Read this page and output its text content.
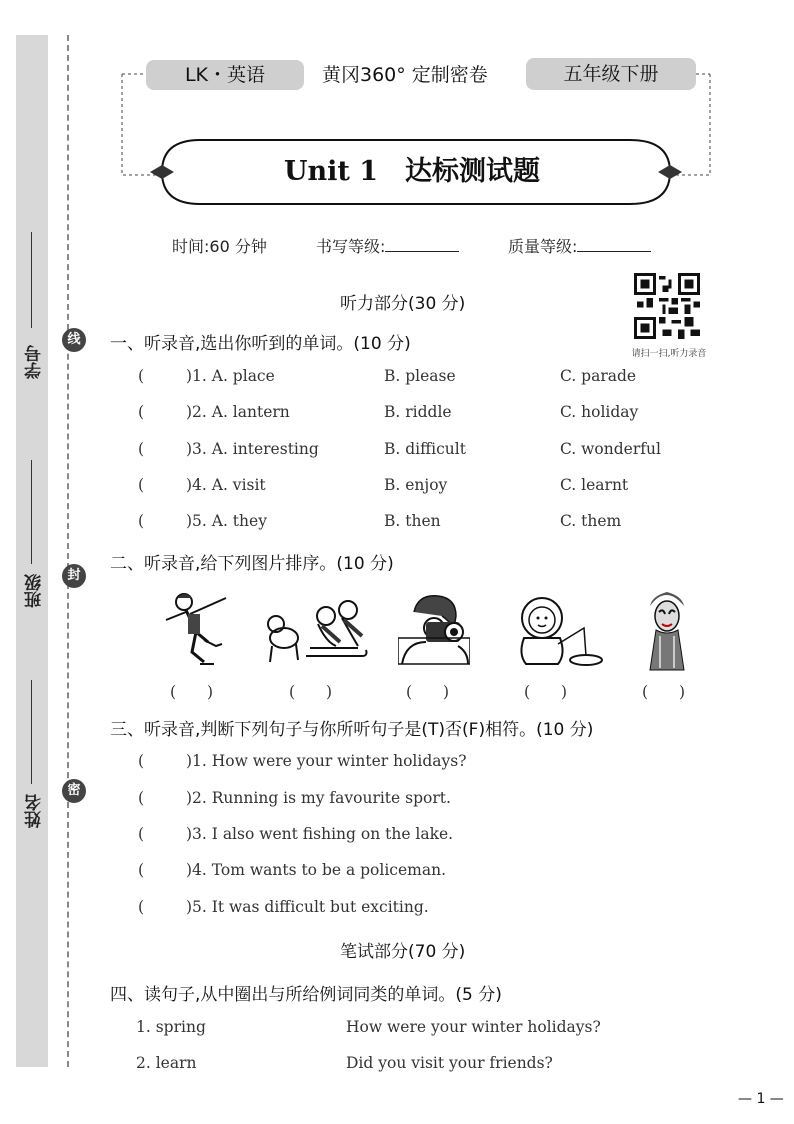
学号
班级
姓名
线
封
密
LK・英语	黄冈360° 定制密卷	五年级下册
Unit 1　达标测试题
时间:60 分钟	书写等级:	质量等级:
请扫一扫,听力录音
听力部分(30 分)
一、听录音,选出你听到的单词。(10 分)
(	)1. A. place	B. please	C. parade
(	)2. A. lantern	B. riddle	C. holiday
(	)3. A. interesting	B. difficult	C. wonderful
(	)4. A. visit	B. enjoy	C. learnt
(	)5. A. they	B. then	C. them
二、听录音,给下列图片排序。(10 分)
(　　)	(　　)	(　　)	(　　)	(　　)
三、听录音,判断下列句子与你所听句子是(T)否(F)相符。(10 分)
(	)1. How were your winter holidays?
(	)2. Running is my favourite sport.
(	)3. I also went fishing on the lake.
(	)4. Tom wants to be a policeman.
(	)5. It was difficult but exciting.
笔试部分(70 分)
四、读句子,从中圈出与所给例词同类的单词。(5 分)
1. spring	How were your winter holidays?
2. learn	Did you visit your friends?
— 1 —
